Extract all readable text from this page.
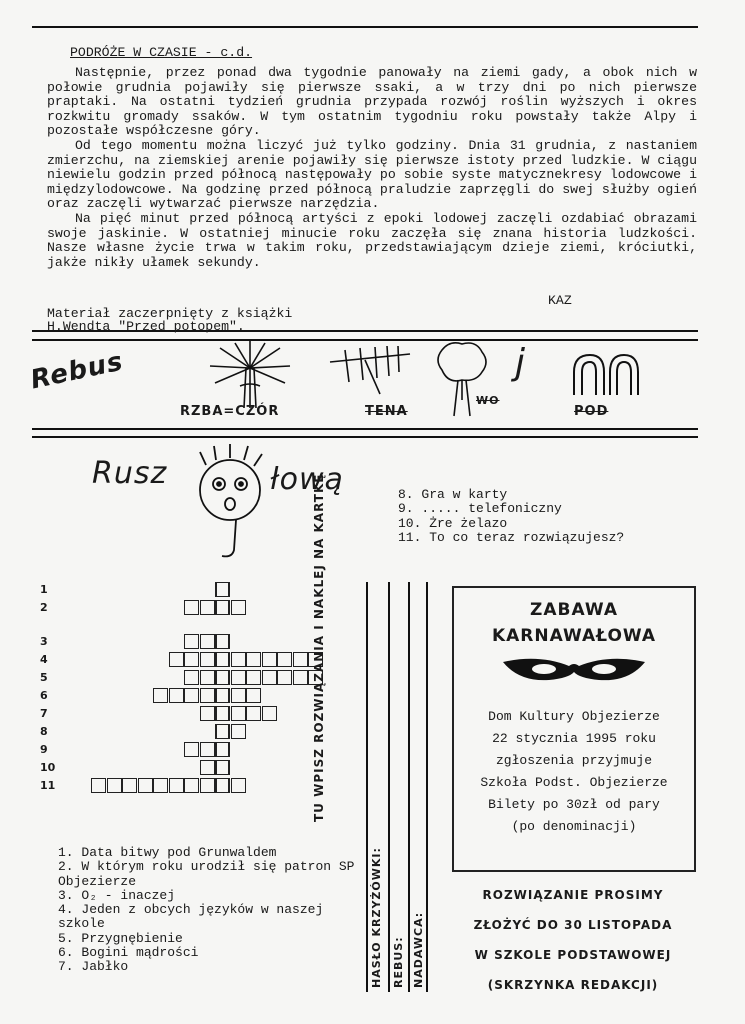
PODRÓŻE W CZASIE - c.d.

Następnie, przez ponad dwa tygodnie panowały na ziemi gady, a obok nich w połowie grudnia pojawiły się pierwsze ssaki, a w trzy dni po nich pierwsze praptaki. Na ostatni tydzień grudnia przypada rozwój roślin wyższych i okres rozkwitu gromady ssaków. W tym ostatnim tygodniu roku powstały także Alpy i pozostałe współczesne góry.

Od tego momentu można liczyć już tylko godziny. Dnia 31 grudnia, z nastaniem zmierzchu, na ziemskiej arenie pojawiły się pierwsze istoty przed ludzkie. W ciągu niewielu godzin przed północą następowały po sobie syste matycznekresy lodowcowe i międzylodowcowe. Na godzinę przed północą praludzie zaprzęgli do swej służby ogień oraz zaczęli wytwarzać pierwsze narzędzia.

Na pięć minut przed północą artyści z epoki lodowej zaczęli ozdabiać obrazami swoje jaskinie. W ostatniej minucie roku zaczęła się znana historia ludzkości. Nasze własne życie trwa w takim roku, przedstawiającym dzieje ziemi, króciutki, jakże nikły ułamek sekundy.

KAZ
Materiał zaczerpnięty z książki
H.Wendta "Przed potopem".
Rebus
RZBA=CZÓR	TENA
WO
j
POD
Rusz	łową	8. Gra w karty
9. ..... telefoniczny
10. Żre żelazo
11. To co teraz rozwiązujesz?
1
2
3
4
5
6
7
8
9
10
11	TU WPISZ ROZWIĄZANIA I NAKLEJ NA KARTKĘ
HASŁO KRZYŻÓWKI: REBUS: NADAWCA:
1. Data bitwy pod Grunwaldem
2. W którym roku urodził się patron SP Objezierze
3. O₂ - inaczej
4. Jeden z obcych języków w naszej szkole
5. Przygnębienie
6. Bogini mądrości
7. Jabłko
ZABAWA
KARNAWAŁOWA
Dom Kultury Objezierze
22 stycznia 1995 roku
zgłoszenia przyjmuje
Szkoła Podst. Objezierze
Bilety po 30zł od pary
(po denominacji)
ROZWIĄZANIE PROSIMY
ZŁOŻYĆ DO 30 LISTOPADA
W SZKOLE PODSTAWOWEJ
(SKRZYNKA REDAKCJI)
